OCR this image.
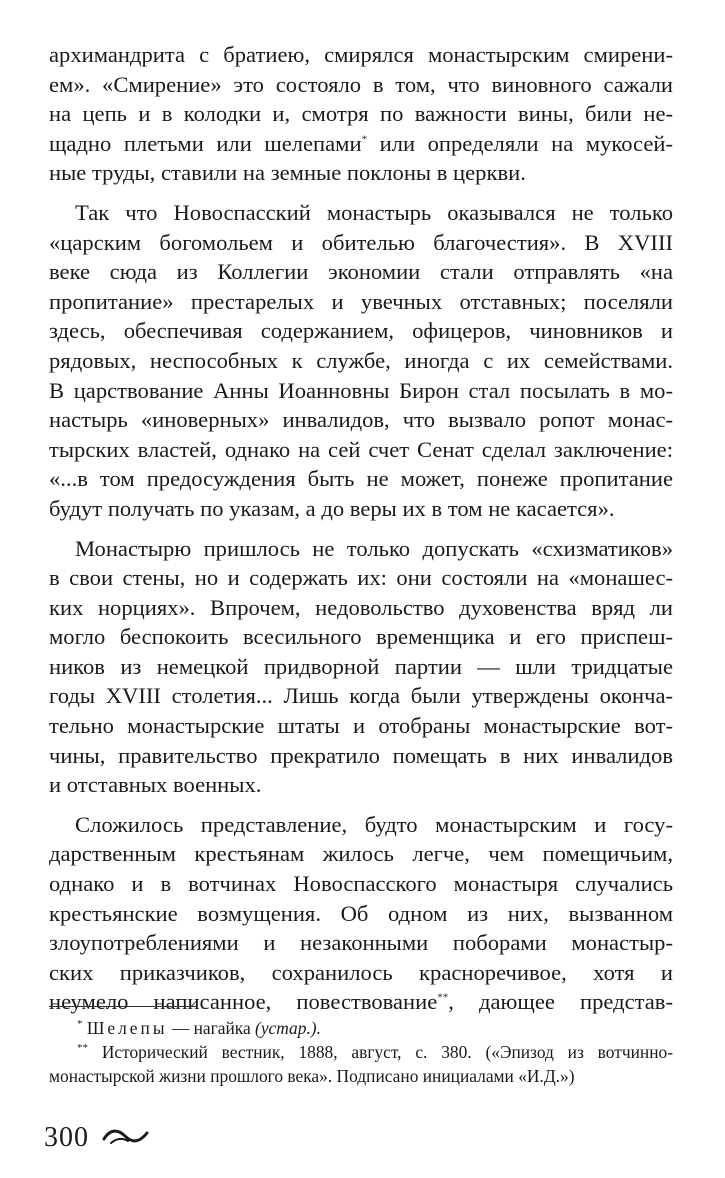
архимандрита с братиею, смирялся монастырским смирени-
ем». «Смирение» это состояло в том, что виновного сажали
на цепь и в колодки и, смотря по важности вины, били не-
щадно плетьми или шелепами* или определяли на мукосей-
ные труды, ставили на земные поклоны в церкви.
Так что Новоспасский монастырь оказывался не только
«царским богомольем и обителью благочестия». В XVIII
веке сюда из Коллегии экономии стали отправлять «на
пропитание» престарелых и увечных отставных; поселяли
здесь, обеспечивая содержанием, офицеров, чиновников и
рядовых, неспособных к службе, иногда с их семействами.
В царствование Анны Иоанновны Бирон стал посылать в мо-
настырь «иноверных» инвалидов, что вызвало ропот монас-
тырских властей, однако на сей счет Сенат сделал заключение:
«...в том предосуждения быть не может, понеже пропитание
будут получать по указам, а до веры их в том не касается».
Монастырю пришлось не только допускать «схизматиков»
в свои стены, но и содержать их: они состояли на «монашес-
ких норциях». Впрочем, недовольство духовенства вряд ли
могло беспокоить всесильного временщика и его приспеш-
ников из немецкой придворной партии — шли тридцатые
годы XVIII столетия... Лишь когда были утверждены оконча-
тельно монастырские штаты и отобраны монастырские вот-
чины, правительство прекратило помещать в них инвалидов
и отставных военных.
Сложилось представление, будто монастырским и госу-
дарственным крестьянам жилось легче, чем помещичьим,
однако и в вотчинах Новоспасского монастыря случались
крестьянские возмущения. Об одном из них, вызванном
злоупотреблениями и незаконными поборами монастыр-
ских приказчиков, сохранилось красноречивое, хотя и
неумело написанное, повествование**, дающее представ-
* Шелепы — нагайка (устар.).
** Исторический вестник, 1888, август, с. 380. («Эпизод из вотчинно-
монастырской жизни прошлого века». Подписано инициалами «И.Д.»)
300
